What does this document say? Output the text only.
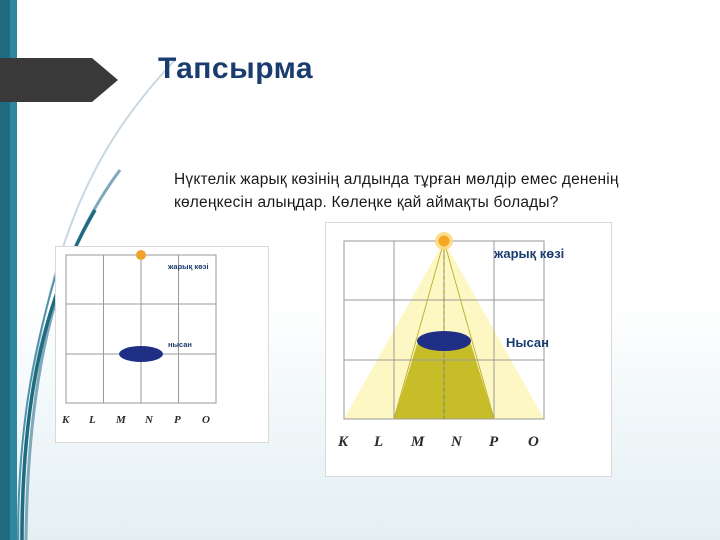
Тапсырма
Нүктелік жарық көзінің алдында тұрған мөлдір емес дененің көлеңкесін алыңдар. Көлеңке қай аймақты болады?
жарық көзі
нысан
K L M N P O
жарық көзі
Нысан
K L M N P O
